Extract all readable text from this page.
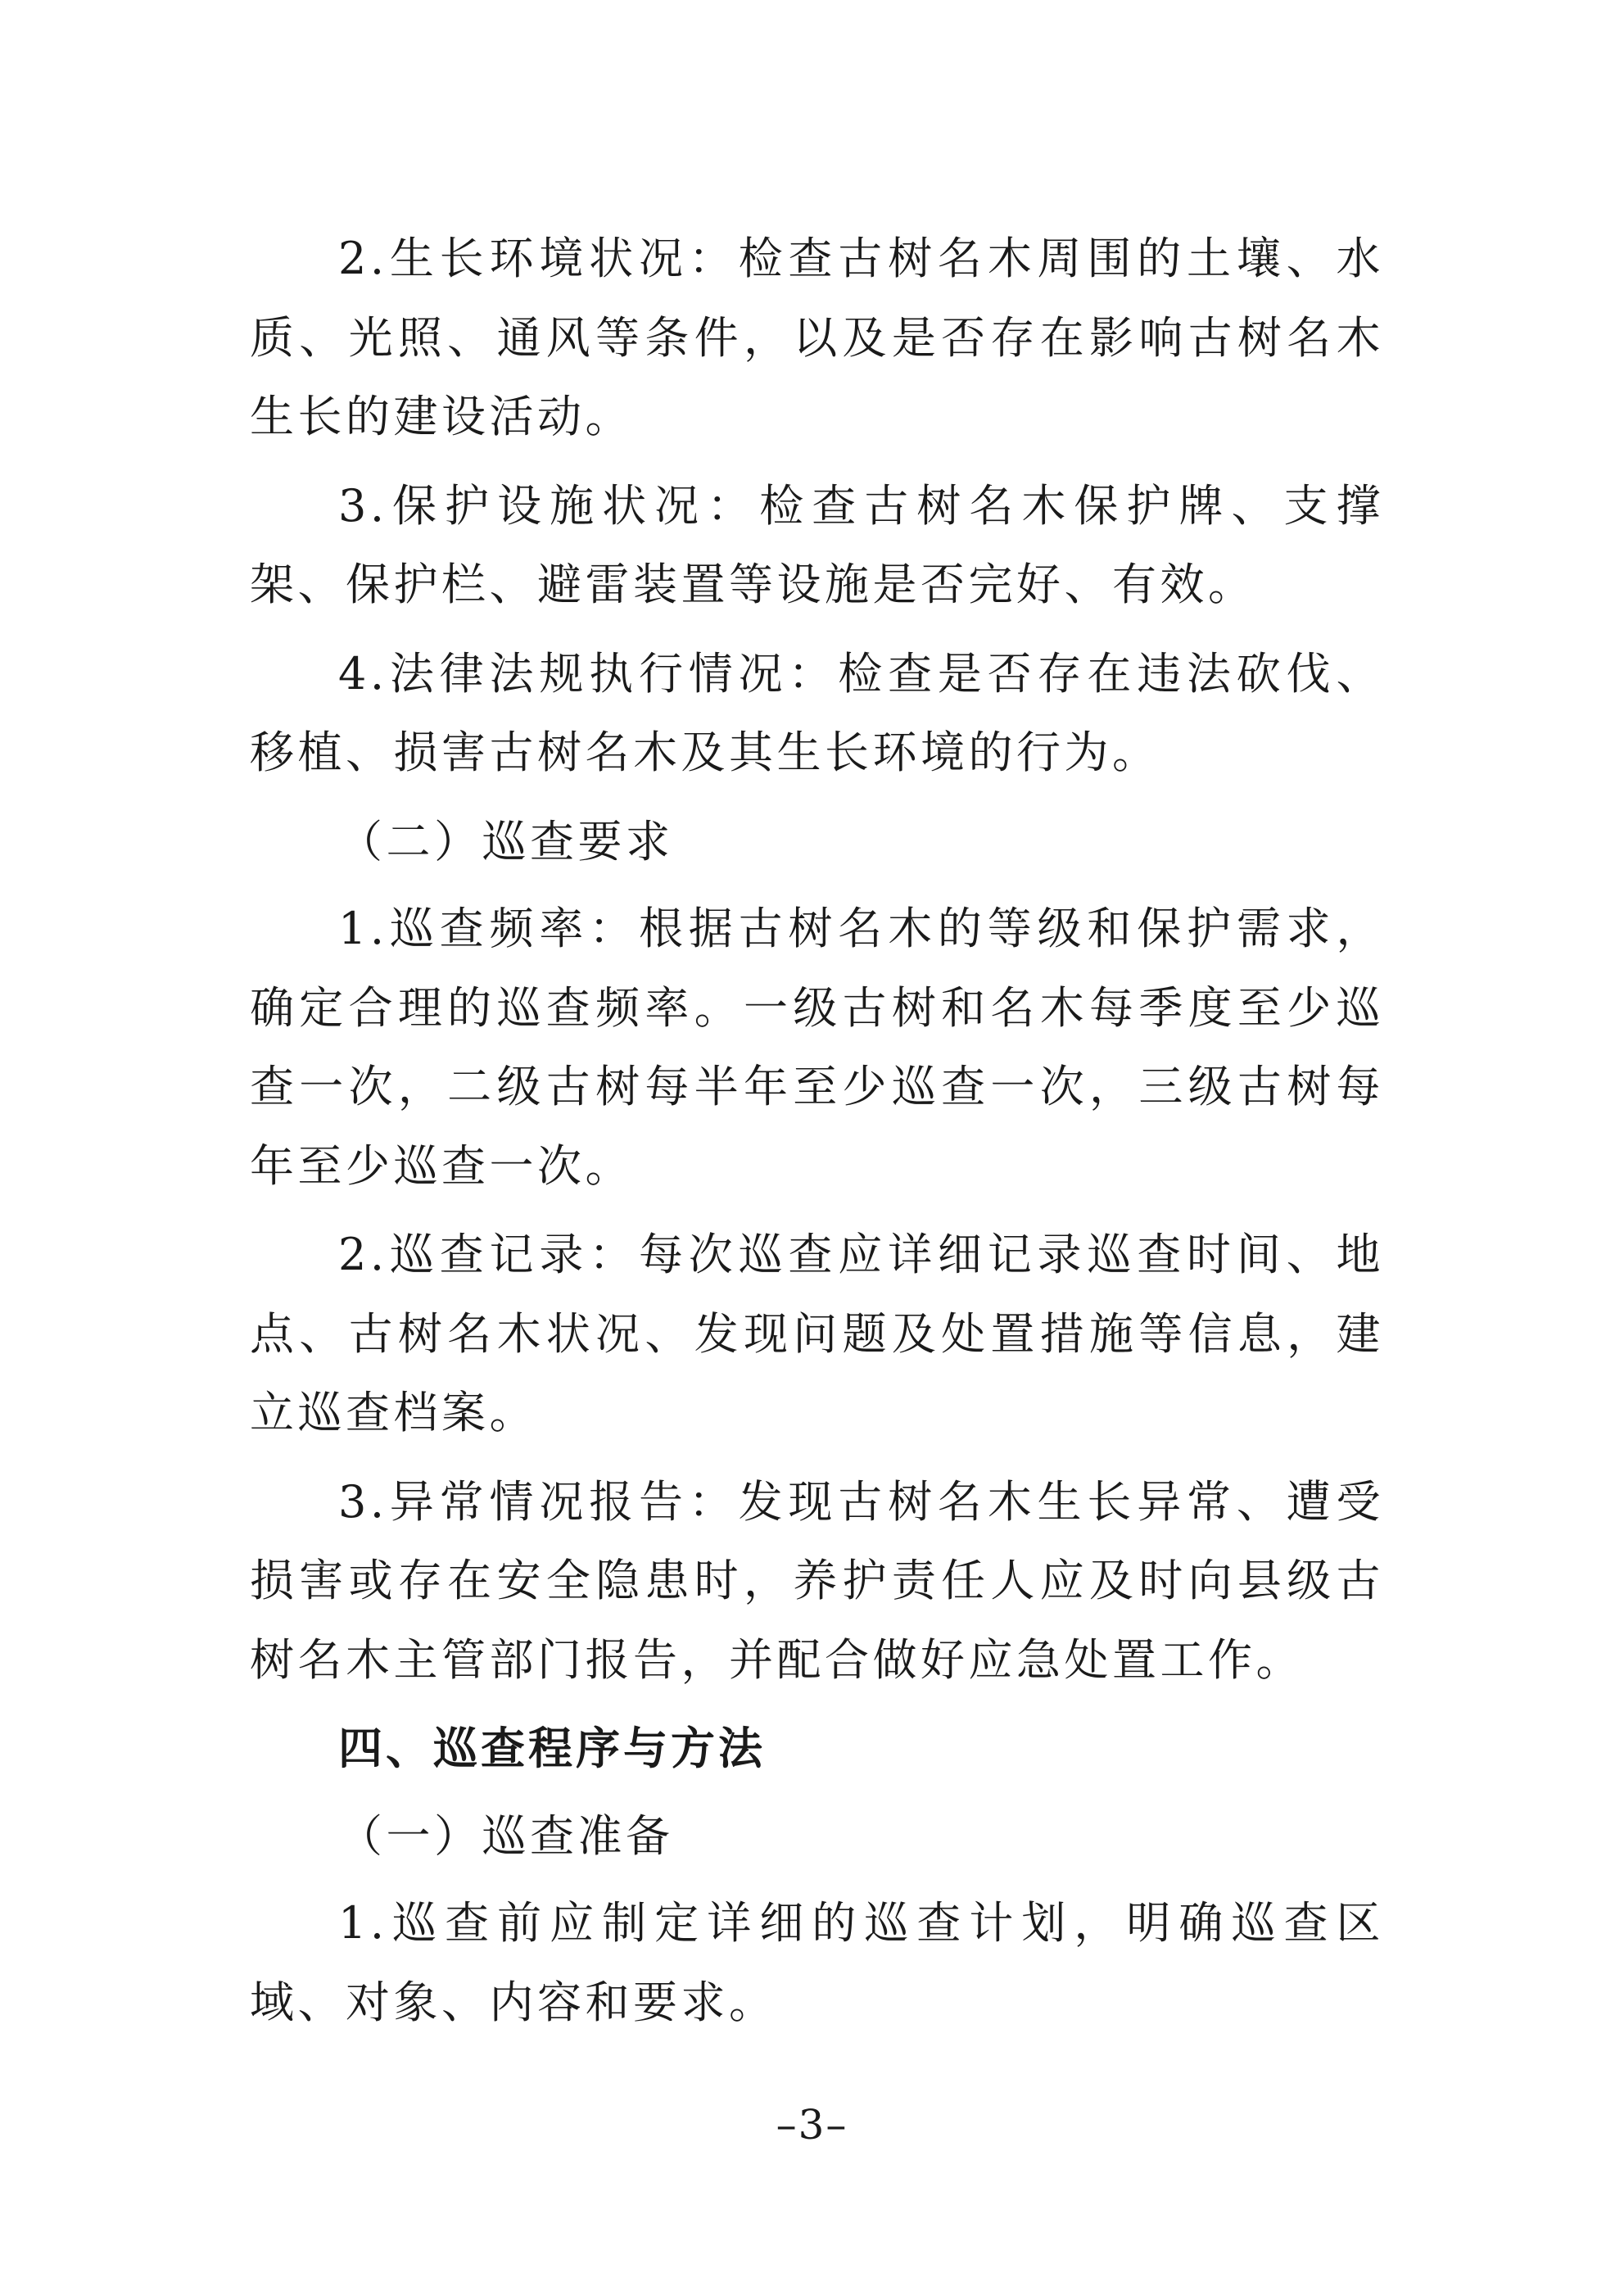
2.生长环境状况：检查古树名木周围的土壤、水质、光照、通风等条件，以及是否存在影响古树名木生长的建设活动。

3.保护设施状况：检查古树名木保护牌、支撑架、保护栏、避雷装置等设施是否完好、有效。

4.法律法规执行情况：检查是否存在违法砍伐、移植、损害古树名木及其生长环境的行为。

（二）巡查要求

1.巡查频率：根据古树名木的等级和保护需求，确定合理的巡查频率。一级古树和名木每季度至少巡查一次，二级古树每半年至少巡查一次，三级古树每年至少巡查一次。

2.巡查记录：每次巡查应详细记录巡查时间、地点、古树名木状况、发现问题及处置措施等信息，建立巡查档案。

3.异常情况报告：发现古树名木生长异常、遭受损害或存在安全隐患时，养护责任人应及时向县级古树名木主管部门报告，并配合做好应急处置工作。

四、巡查程序与方法

（一）巡查准备

1.巡查前应制定详细的巡查计划，明确巡查区域、对象、内容和要求。

–3–
